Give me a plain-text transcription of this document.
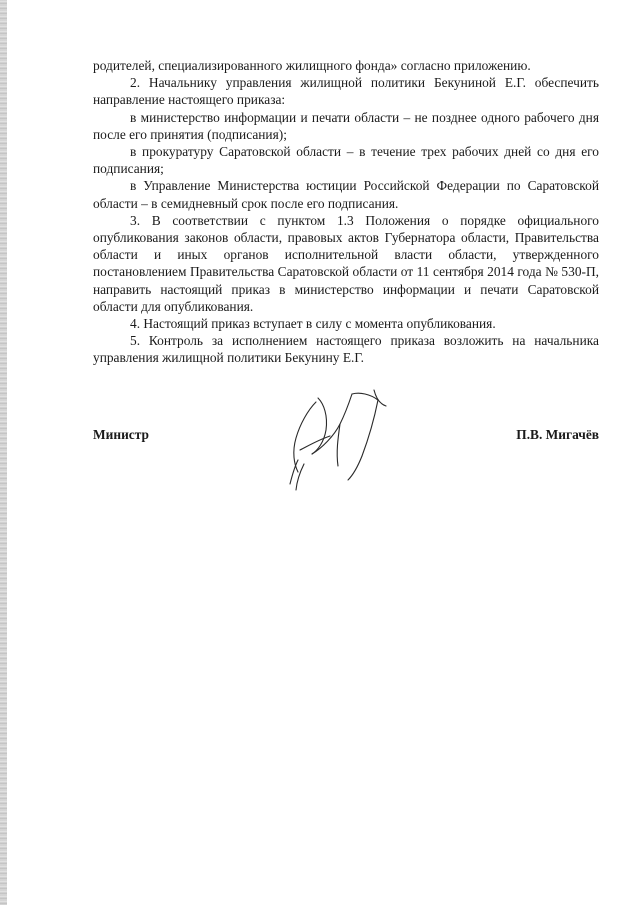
родителей, специализированного жилищного фонда» согласно приложению.

2. Начальнику управления жилищной политики Бекуниной Е.Г. обеспечить направление настоящего приказа:

в министерство информации и печати области – не позднее одного рабочего дня после его принятия (подписания);

в прокуратуру Саратовской области – в течение трех рабочих дней со дня его подписания;

в Управление Министерства юстиции Российской Федерации по Саратовской области – в семидневный срок после его подписания.

3. В соответствии с пунктом 1.3 Положения о порядке официального опубликования законов области, правовых актов Губернатора области, Правительства области и иных органов исполнительной власти области, утвержденного постановлением Правительства Саратовской области от 11 сентября 2014 года № 530-П, направить настоящий приказ в министерство информации и печати Саратовской области для опубликования.

4. Настоящий приказ вступает в силу с момента опубликования.

5. Контроль за исполнением настоящего приказа возложить на начальника управления жилищной политики Бекунину Е.Г.

Министр	П.В. Мигачёв
